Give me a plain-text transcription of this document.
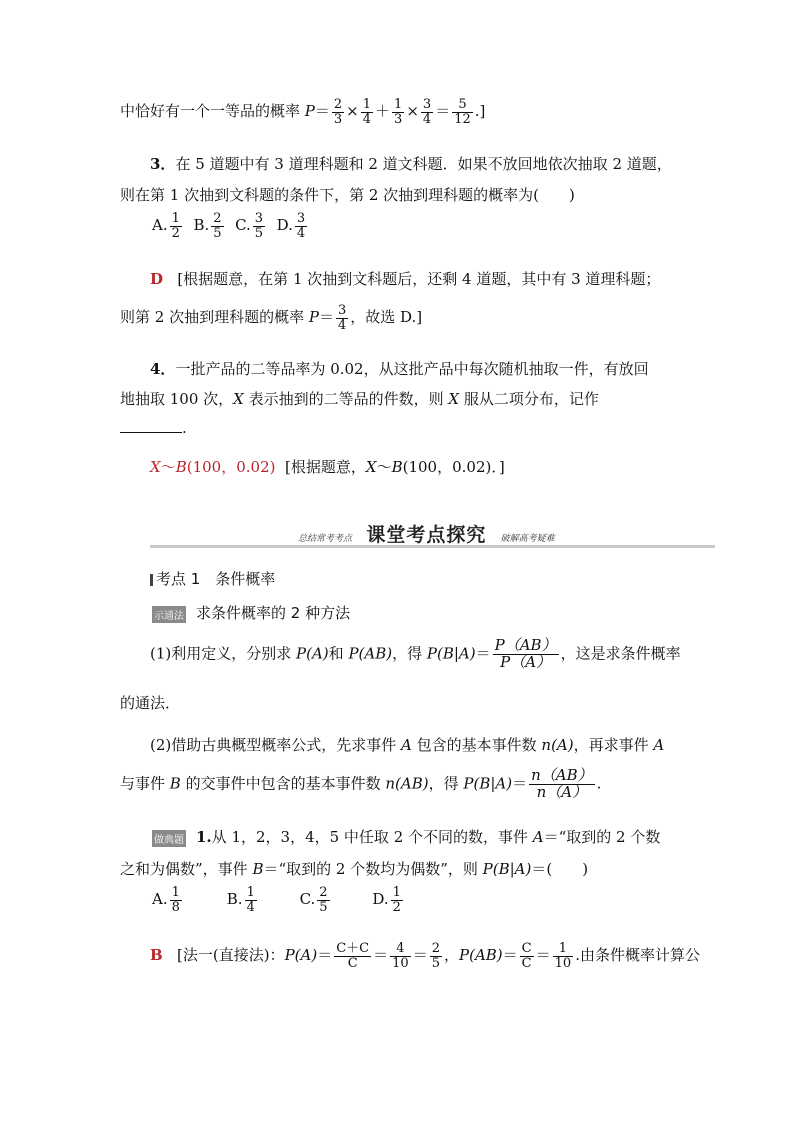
中恰好有一个一等品的概率 $P= \frac{2}{3} \times \frac{1}{4} + \frac{1}{3} \times \frac{3}{4} = \frac{5}{12}$ .]
3．在 5 道题中有 3 道理科题和 2 道文科题．如果不放回地依次抽取 2 道题，
则在第 1 次抽到文科题的条件下，第 2 次抽到理科题的概率为(　　)
A. $\frac{1}{2} B$. $\frac{2}{5} C$. $\frac{3}{5} D$. $\frac{3}{4}$
D [根据题意，在第 1 次抽到文科题后，还剩 4 道题，其中有 3 道理科题；
则第 2 次抽到理科题的概率 $P= \frac{3}{4}$ ，故选 D.]
4．一批产品的二等品率为 0.02，从这批产品中每次随机抽取一件，有放回
地抽取 100 次，X 表示抽到的二等品的件数，则 X 服从二项分布，记作
.
X～B(100，0.02) [根据题意，X～B(100，0.02)．]
总结常考考点 课堂考点探究 破解高考疑难
考点 1　条件概率
示通法 求条件概率的 2 种方法
(1)利用定义，分别求 P(A)和 P(AB)，得 $P(B|A)= \frac{P(AB)}{P(A)}$ ，这是求条件概率
的通法．
(2)借助古典概型概率公式，先求事件 A 包含的基本事件数 n(A)，再求事件 A
与事件 B 的交事件中包含的基本事件数 n(AB)，得 $P(B|A)= \frac{n(AB)}{n(A)}$ .
做典题 1.从 1，2，3，4，5 中任取 2 个不同的数，事件 A＝“取到的 2 个数
之和为偶数”，事件 B＝“取到的 2 个数均为偶数”，则 P(B|A)＝(　　)
A. $\frac{1}{8}$	B. $\frac{1}{4}$	C. $\frac{2}{5}$	D. $\frac{1}{2}$
B [法一(直接法)：$P(A)= \frac{C+C}{C} = \frac{4}{10} = \frac{2}{5}$ ，$P(AB)= \frac{C}{C} = \frac{1}{10}$ .由条件概率计算公
